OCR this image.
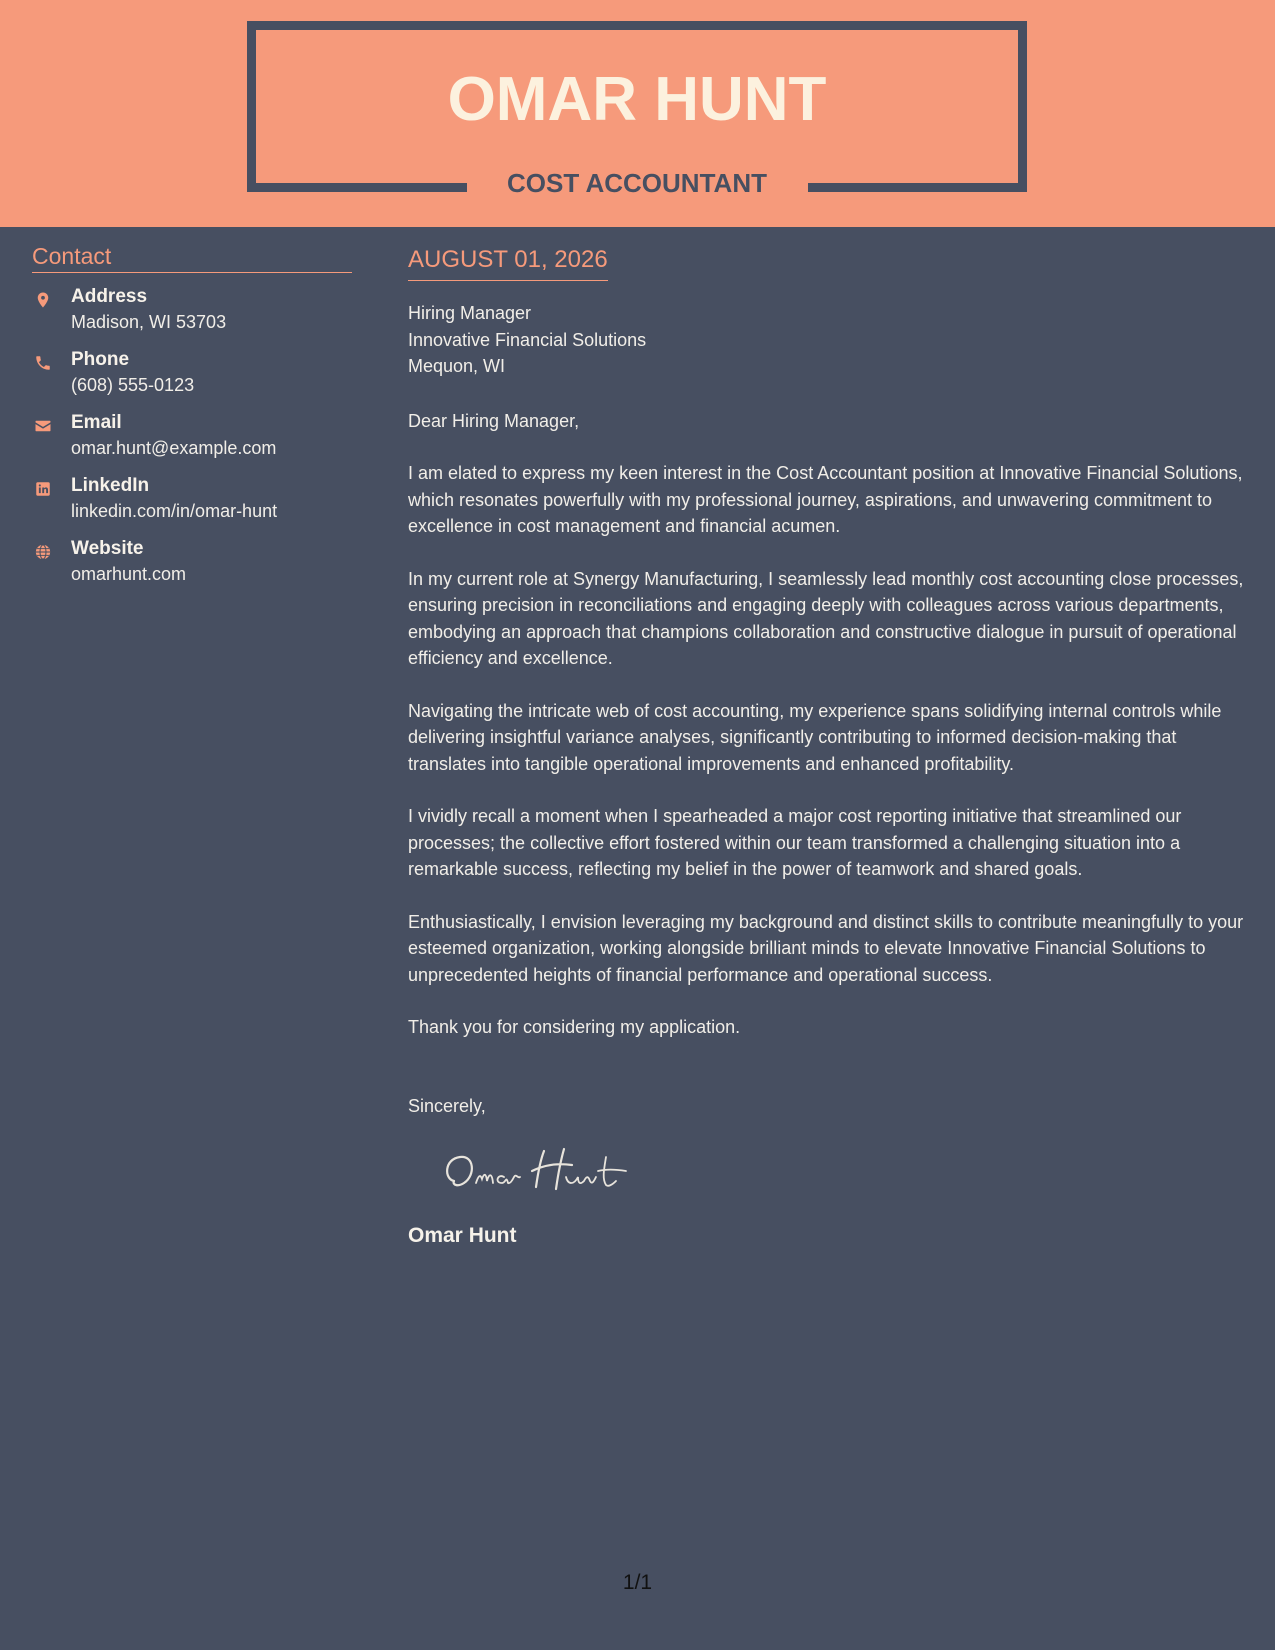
OMAR HUNT
COST ACCOUNTANT
Contact
Address
Madison, WI 53703
Phone
(608) 555-0123
Email
omar.hunt@example.com
LinkedIn
linkedin.com/in/omar-hunt
Website
omarhunt.com
AUGUST 01, 2026
Hiring Manager
Innovative Financial Solutions
Mequon, WI
Dear Hiring Manager,
I am elated to express my keen interest in the Cost Accountant position at Innovative Financial Solutions, which resonates powerfully with my professional journey, aspirations, and unwavering commitment to excellence in cost management and financial acumen.
In my current role at Synergy Manufacturing, I seamlessly lead monthly cost accounting close processes, ensuring precision in reconciliations and engaging deeply with colleagues across various departments, embodying an approach that champions collaboration and constructive dialogue in pursuit of operational efficiency and excellence.
Navigating the intricate web of cost accounting, my experience spans solidifying internal controls while delivering insightful variance analyses, significantly contributing to informed decision-making that translates into tangible operational improvements and enhanced profitability.
I vividly recall a moment when I spearheaded a major cost reporting initiative that streamlined our processes; the collective effort fostered within our team transformed a challenging situation into a remarkable success, reflecting my belief in the power of teamwork and shared goals.
Enthusiastically, I envision leveraging my background and distinct skills to contribute meaningfully to your esteemed organization, working alongside brilliant minds to elevate Innovative Financial Solutions to unprecedented heights of financial performance and operational success.
Thank you for considering my application.
Sincerely,
Omar Hunt
1/1
